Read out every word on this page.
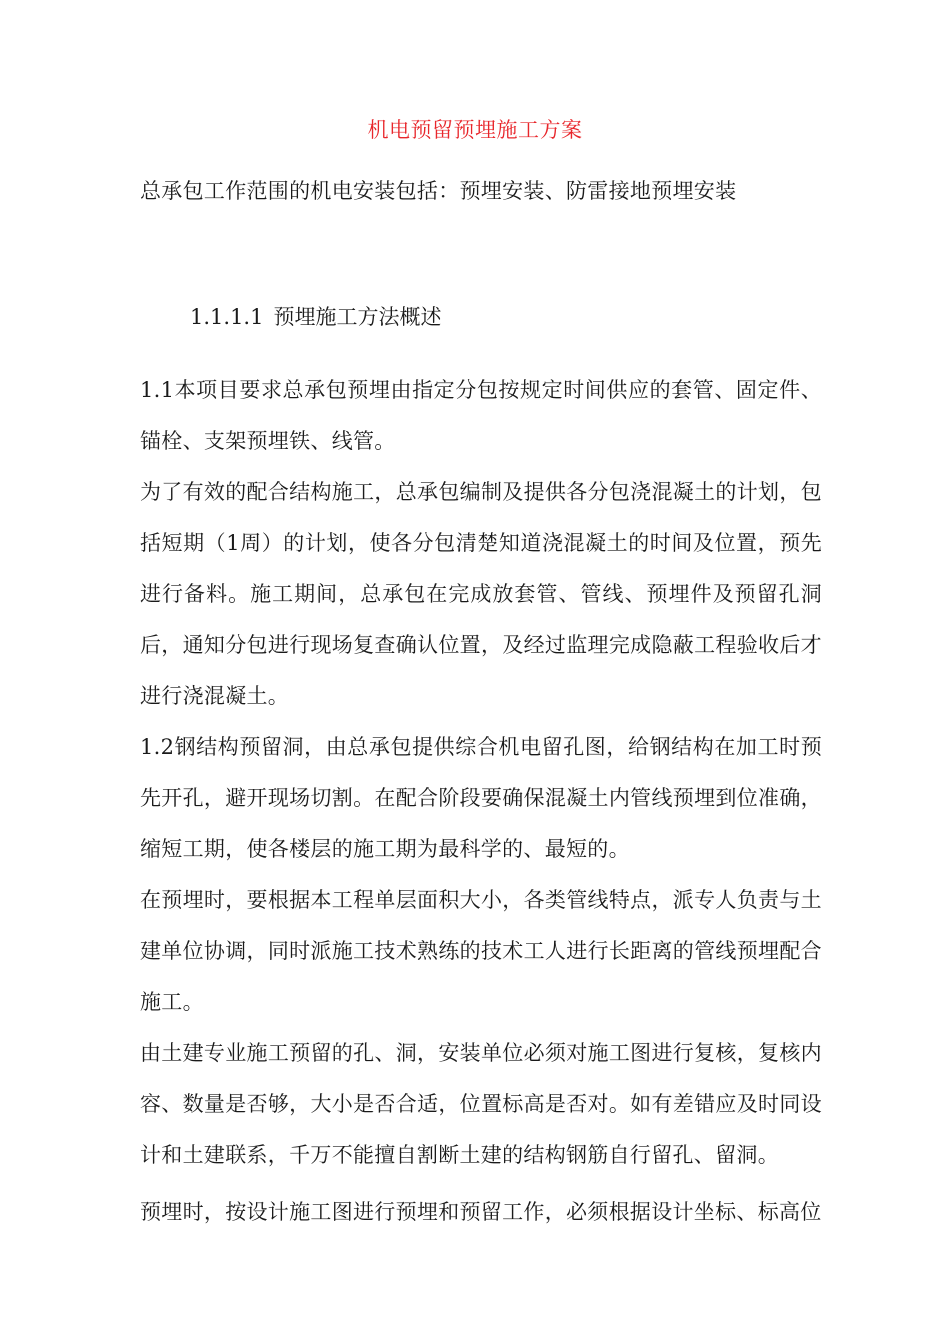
机电预留预埋施工方案
总承包工作范围的机电安装包括：预埋安装、防雷接地预埋安装
1.1.1.1 预埋施工方法概述

1.1本项目要求总承包预埋由指定分包按规定时间供应的套管、固定件、锚栓、支架预埋铁、线管。

为了有效的配合结构施工，总承包编制及提供各分包浇混凝土的计划，包括短期（1周）的计划，使各分包清楚知道浇混凝土的时间及位置，预先进行备料。施工期间，总承包在完成放套管、管线、预埋件及预留孔洞后，通知分包进行现场复查确认位置，及经过监理完成隐蔽工程验收后才进行浇混凝土。

1.2钢结构预留洞，由总承包提供综合机电留孔图，给钢结构在加工时预先开孔，避开现场切割。在配合阶段要确保混凝土内管线预埋到位准确，缩短工期，使各楼层的施工期为最科学的、最短的。

在预埋时，要根据本工程单层面积大小，各类管线特点，派专人负责与土建单位协调，同时派施工技术熟练的技术工人进行长距离的管线预埋配合施工。

由土建专业施工预留的孔、洞，安装单位必须对施工图进行复核，复核内容、数量是否够，大小是否合适，位置标高是否对。如有差错应及时同设计和土建联系，千万不能擅自割断土建的结构钢筋自行留孔、留洞。

预埋时，按设计施工图进行预埋和预留工作，必须根据设计坐标、标高位
